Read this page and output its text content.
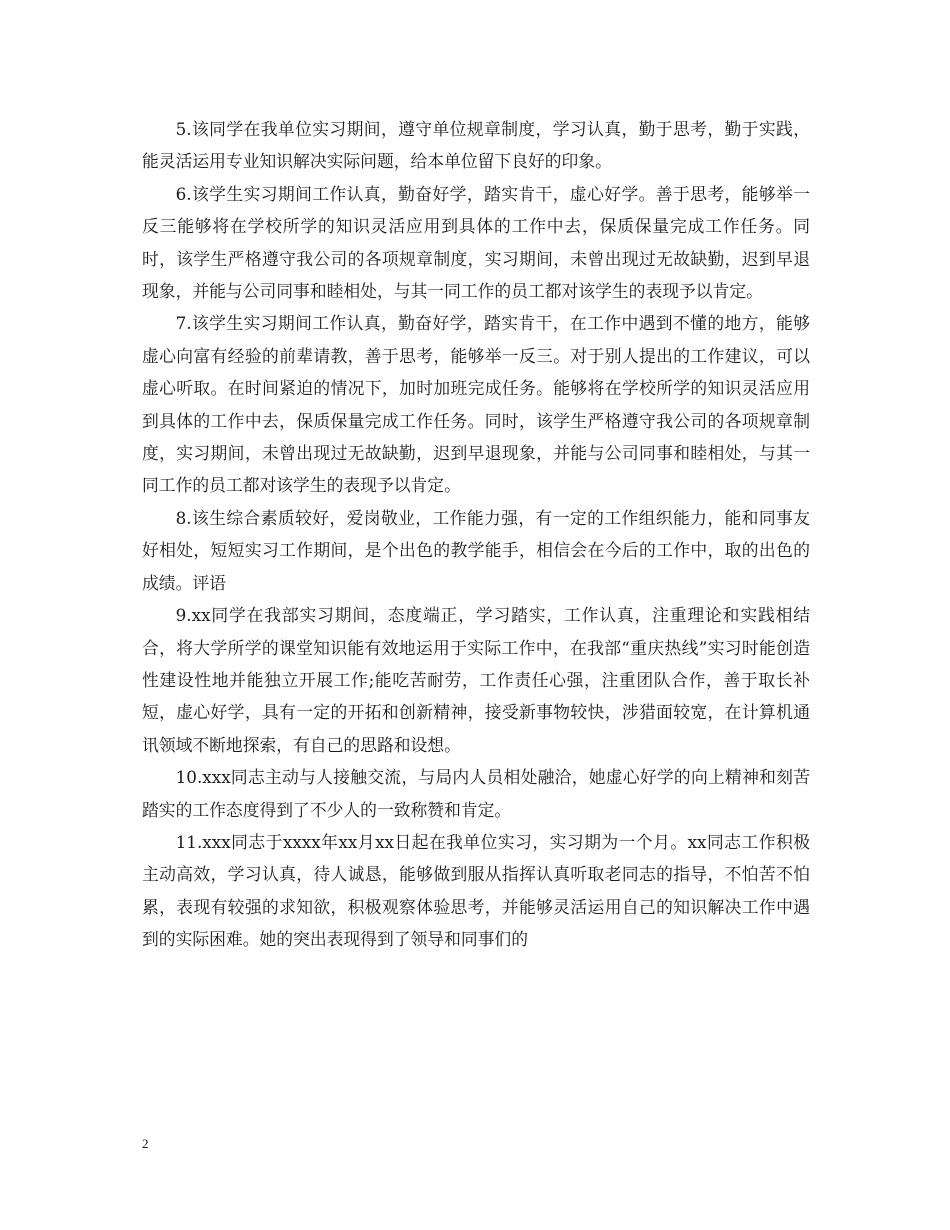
5.该同学在我单位实习期间，遵守单位规章制度，学习认真，勤于思考，勤于实践，能灵活运用专业知识解决实际问题，给本单位留下良好的印象。

6.该学生实习期间工作认真，勤奋好学，踏实肯干，虚心好学。善于思考，能够举一反三能够将在学校所学的知识灵活应用到具体的工作中去，保质保量完成工作任务。同时，该学生严格遵守我公司的各项规章制度，实习期间，未曾出现过无故缺勤，迟到早退现象，并能与公司同事和睦相处，与其一同工作的员工都对该学生的表现予以肯定。

7.该学生实习期间工作认真，勤奋好学，踏实肯干，在工作中遇到不懂的地方，能够虚心向富有经验的前辈请教，善于思考，能够举一反三。对于别人提出的工作建议，可以虚心听取。在时间紧迫的情况下，加时加班完成任务。能够将在学校所学的知识灵活应用到具体的工作中去，保质保量完成工作任务。同时，该学生严格遵守我公司的各项规章制度，实习期间，未曾出现过无故缺勤，迟到早退现象，并能与公司同事和睦相处，与其一同工作的员工都对该学生的表现予以肯定。

8.该生综合素质较好，爱岗敬业，工作能力强，有一定的工作组织能力，能和同事友好相处，短短实习工作期间，是个出色的教学能手，相信会在今后的工作中，取的出色的成绩。评语

9.xx同学在我部实习期间，态度端正，学习踏实，工作认真，注重理论和实践相结合，将大学所学的课堂知识能有效地运用于实际工作中，在我部“重庆热线”实习时能创造性建设性地并能独立开展工作;能吃苦耐劳，工作责任心强，注重团队合作，善于取长补短，虚心好学，具有一定的开拓和创新精神，接受新事物较快，涉猎面较宽，在计算机通讯领域不断地探索，有自己的思路和设想。

10.xxx同志主动与人接触交流，与局内人员相处融洽，她虚心好学的向上精神和刻苦踏实的工作态度得到了不少人的一致称赞和肯定。

11.xxx同志于xxxx年xx月xx日起在我单位实习，实习期为一个月。xx同志工作积极主动高效，学习认真，待人诚恳，能够做到服从指挥认真听取老同志的指导，不怕苦不怕累，表现有较强的求知欲，积极观察体验思考，并能够灵活运用自己的知识解决工作中遇到的实际困难。她的突出表现得到了领导和同事们的

2
